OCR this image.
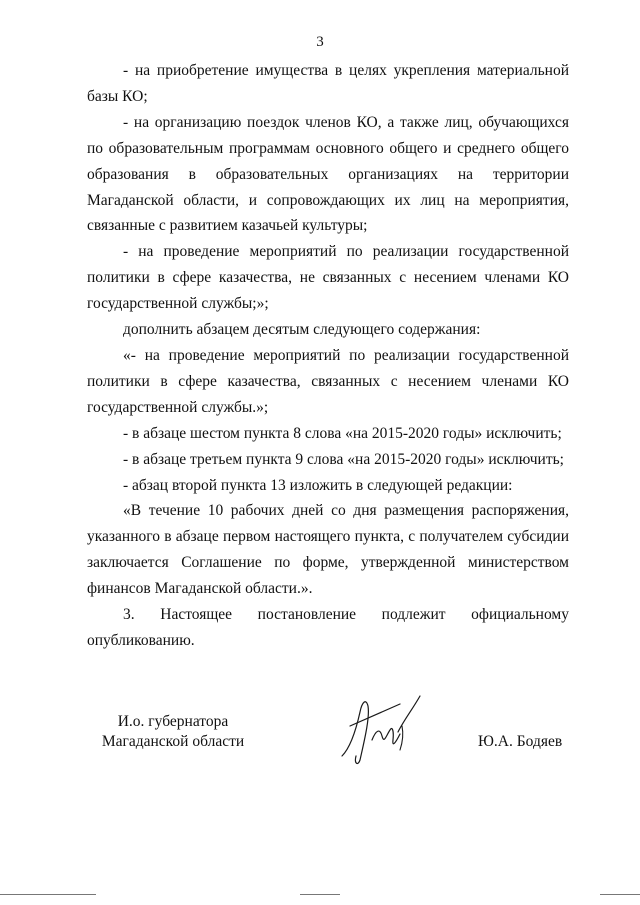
3

- на приобретение имущества в целях укрепления материальной базы КО;

- на организацию поездок членов КО, а также лиц, обучающихся по образовательным программам основного общего и среднего общего образования в образовательных организациях на территории Магаданской области, и сопровождающих их лиц на мероприятия, связанные с развитием казачьей культуры;

- на проведение мероприятий по реализации государственной политики в сфере казачества, не связанных с несением членами КО государственной службы;»;

дополнить абзацем десятым следующего содержания:

«- на проведение мероприятий по реализации государственной политики в сфере казачества, связанных с несением членами КО государственной службы.»;

- в абзаце шестом пункта 8 слова «на 2015-2020 годы» исключить;

- в абзаце третьем пункта 9 слова «на 2015-2020 годы» исключить;

- абзац второй пункта 13 изложить в следующей редакции:

«В течение 10 рабочих дней со дня размещения распоряжения, указанного в абзаце первом настоящего пункта, с получателем субсидии заключается Соглашение по форме, утвержденной министерством финансов Магаданской области.».

3. Настоящее постановление подлежит официальному опубликованию.

И.о. губернатора
Магаданской области	Ю.А. Бодяев
